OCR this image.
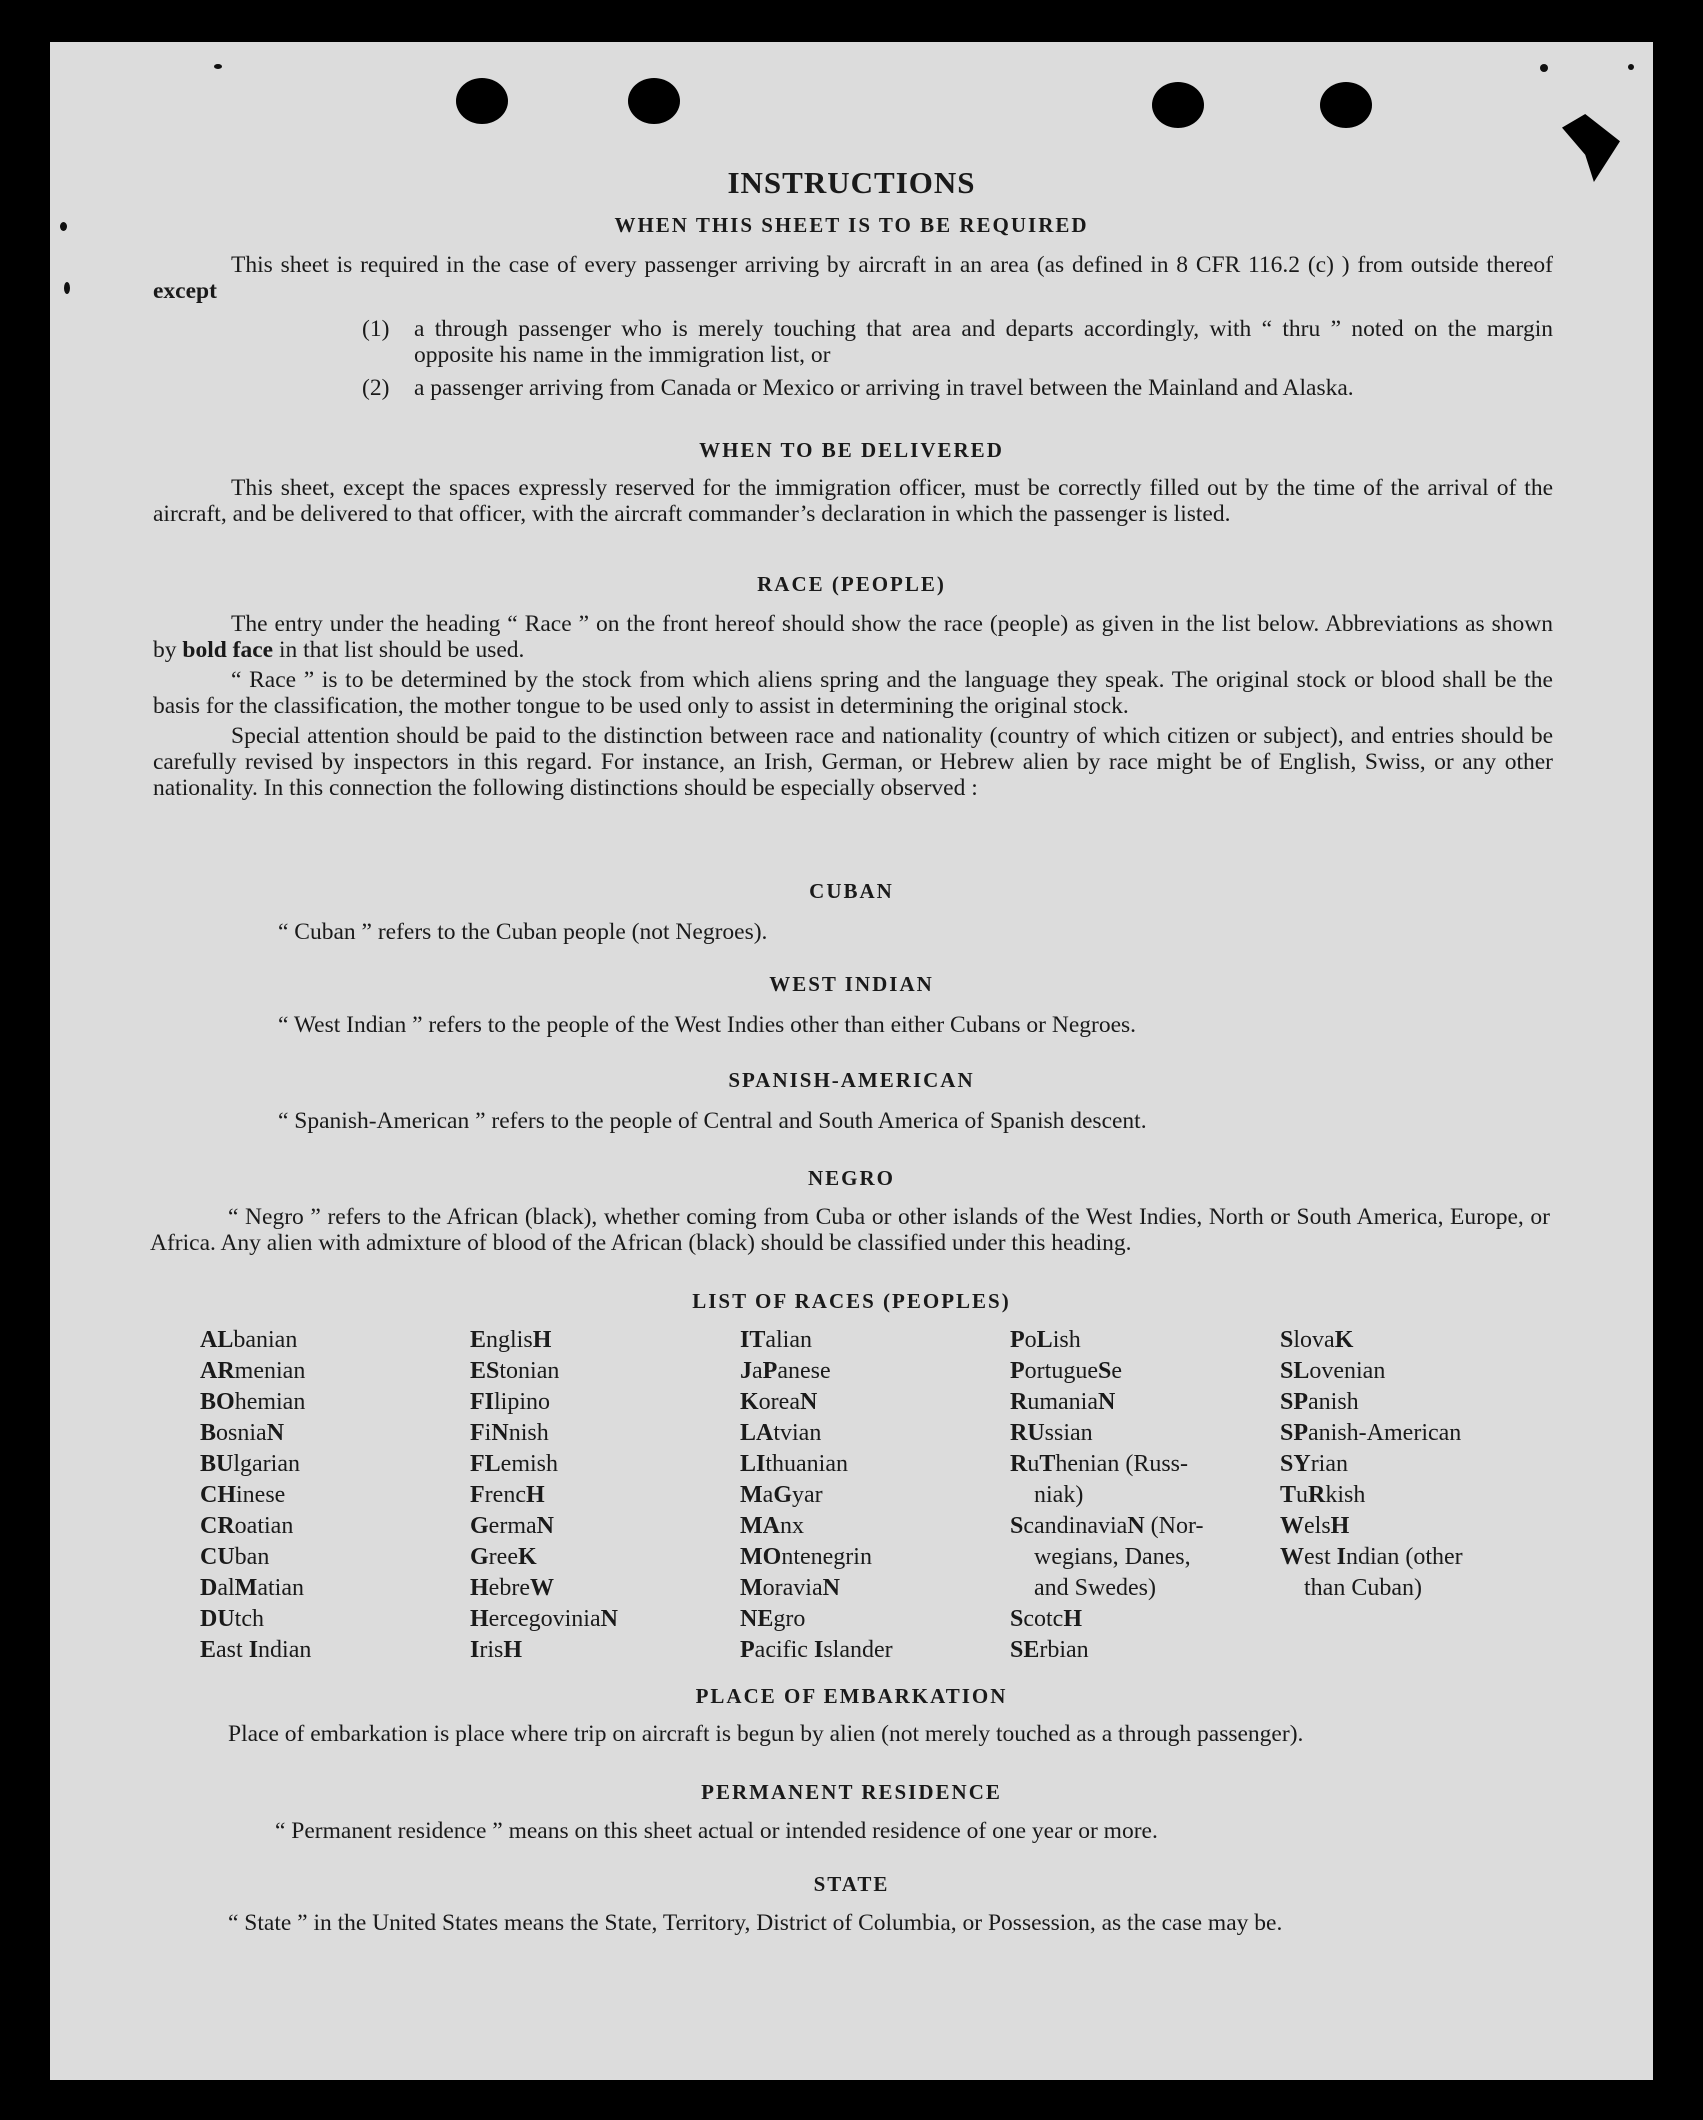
INSTRUCTIONS
WHEN THIS SHEET IS TO BE REQUIRED

This sheet is required in the case of every passenger arriving by aircraft in an area (as defined in 8 CFR 116.2 (c) ) from outside thereof except

(1) a through passenger who is merely touching that area and departs accordingly, with “ thru ” noted on the margin opposite his name in the immigration list, or
(2) a passenger arriving from Canada or Mexico or arriving in travel between the Mainland and Alaska.
WHEN TO BE DELIVERED

This sheet, except the spaces expressly reserved for the immigration officer, must be correctly filled out by the time of the arrival of the aircraft, and be delivered to that officer, with the aircraft commander’s declaration in which the passenger is listed.

RACE (PEOPLE)

The entry under the heading “ Race ” on the front hereof should show the race (people) as given in the list below. Abbreviations as shown by bold face in that list should be used.

“ Race ” is to be determined by the stock from which aliens spring and the language they speak. The original stock or blood shall be the basis for the classification, the mother tongue to be used only to assist in determining the original stock.

Special attention should be paid to the distinction between race and nationality (country of which citizen or subject), and entries should be carefully revised by inspectors in this regard. For instance, an Irish, German, or Hebrew alien by race might be of English, Swiss, or any other nationality. In this connection the following distinctions should be especially observed :

CUBAN
“ Cuban ” refers to the Cuban people (not Negroes).
WEST INDIAN
“ West Indian ” refers to the people of the West Indies other than either Cubans or Negroes.
SPANISH-AMERICAN
“ Spanish-American ” refers to the people of Central and South America of Spanish descent.
NEGRO

“ Negro ” refers to the African (black), whether coming from Cuba or other islands of the West Indies, North or South America, Europe, or Africa. Any alien with admixture of blood of the African (black) should be classified under this heading.

LIST OF RACES (PEOPLES)
ALbanian
ARmenian
BOhemian
BosniaN
BUlgarian
CHinese
CRoatian
CUban
DalMatian
DUtch
East Indian
EnglisH
EStonian
FIlipino
FiNnish
FLemish
FrencH
GermaN
GreeK
HebreW
HercegoviniaN
IrisH
ITalian
JaPanese
KoreaN
LAtvian
LIthuanian
MaGyar
MAnx
MOntenegrin
MoraviaN
NEgro
Pacific Islander
PoLish
PortugueSe
RumaniaN
RUssian
RuThenian (Russ-
niak)
ScandinaviaN (Nor-
wegians, Danes,
and Swedes)
ScotcH
SErbian
SlovaK
SLovenian
SPanish
SPanish-American
SYrian
TuRkish
WelsH
West Indian (other
than Cuban)
PLACE OF EMBARKATION

Place of embarkation is place where trip on aircraft is begun by alien (not merely touched as a through passenger).

PERMANENT RESIDENCE
“ Permanent residence ” means on this sheet actual or intended residence of one year or more.
STATE

“ State ” in the United States means the State, Territory, District of Columbia, or Possession, as the case may be.
